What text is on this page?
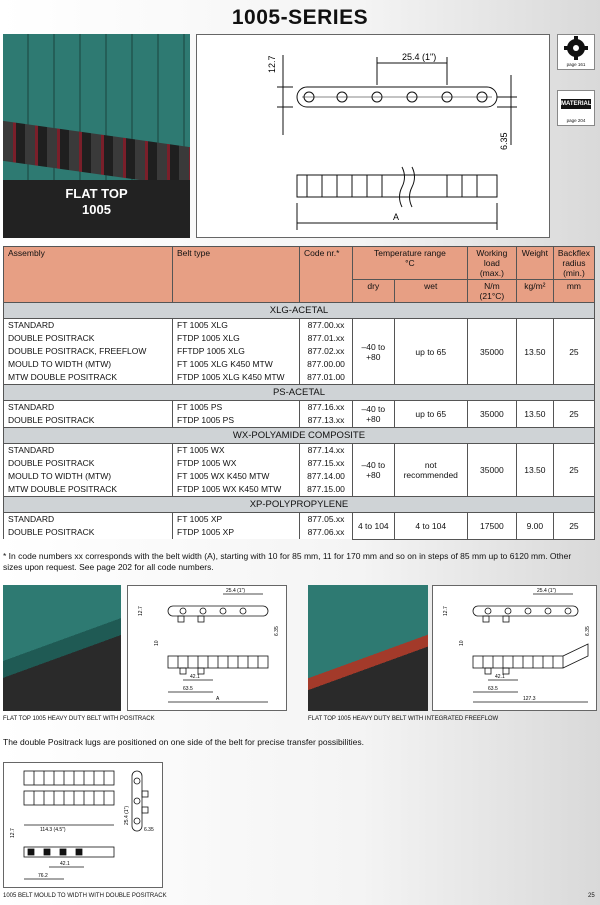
1005-SERIES
FLAT TOP
1005
25.4 (1")
12.7
6.35
A
page 161
MATERIAL
page 204
Assembly	Belt type	Code nr.*	Temperature range
°C		Working load (max.)	Weight	Backflex radius (min.)
			dry	wet	N/m (21°C)	kg/m²	mm
XLG-ACETAL							
STANDARD	FT 1005 XLG	877.00.xx	–40 to +80	up to 65	35000	13.50	25
DOUBLE POSITRACK	FTDP 1005 XLG	877.01.xx					
DOUBLE POSITRACK, FREEFLOW	FFTDP 1005 XLG	877.02.xx					
MOULD TO WIDTH (MTW)	FT 1005 XLG K450 MTW	877.00.00					
MTW DOUBLE POSITRACK	FTDP 1005 XLG K450 MTW	877.01.00					
PS-ACETAL							
STANDARD	FT 1005 PS	877.16.xx	–40 to +80	up to 65	35000	13.50	25
DOUBLE POSITRACK	FTDP 1005 PS	877.13.xx					
WX-POLYAMIDE COMPOSITE							
STANDARD	FT 1005 WX	877.14.xx	–40 to +80	not recommended	35000	13.50	25
DOUBLE POSITRACK	FTDP 1005 WX	877.15.xx					
MOULD TO WIDTH (MTW)	FT 1005 WX K450 MTW	877.14.00					
MTW DOUBLE POSITRACK	FTDP 1005 WX K450 MTW	877.15.00					
XP-POLYPROPYLENE							
STANDARD	FT 1005 XP	877.05.xx	4 to 104	4 to 104	17500	9.00	25
DOUBLE POSITRACK	FTDP 1005 XP	877.06.xx					
* In code numbers xx corresponds with the belt width (A), starting with 10 for 85 mm, 11 for 170 mm and so on in steps of 85 mm up to 6120 mm. Other sizes upon request. See page 202 for all code numbers.
25.4 (1")
12.7
6.35
10
42.1
63.5
A
25.4 (1")
12.7
6.35
10
42.1
63.5
127.3
FLAT TOP 1005 HEAVY DUTY BELT WITH POSITRACK	FLAT TOP 1005 HEAVY DUTY BELT WITH INTEGRATED FREEFLOW
The double Positrack lugs are positioned on one side of the belt for precise transfer possibilities.
114.3 (4.5")
25.4 (1")
12.7	6.35
42.1
76.2
1005 BELT MOULD TO WIDTH WITH DOUBLE POSITRACK	25
